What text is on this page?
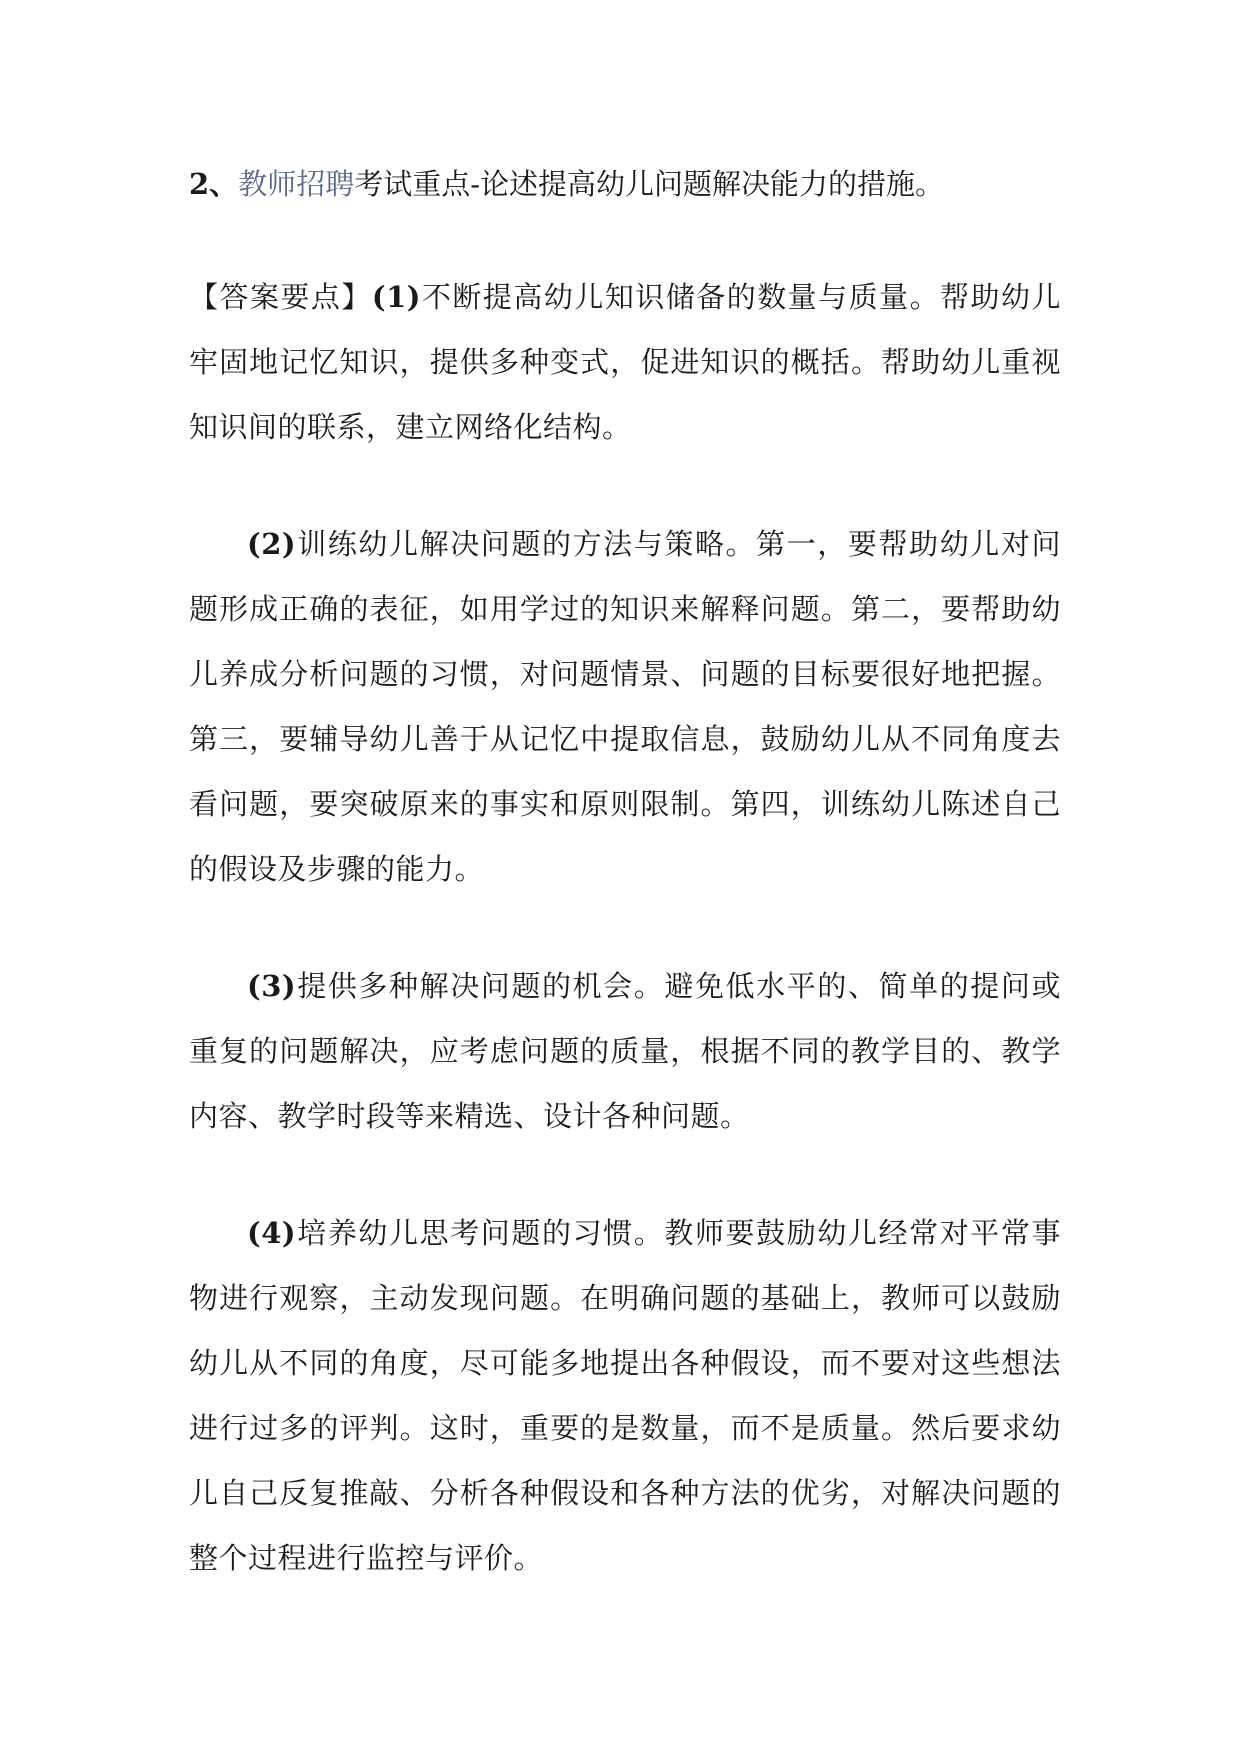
2、教师招聘考试重点-论述提高幼儿问题解决能力的措施。

【答案要点】(1)不断提高幼儿知识储备的数量与质量。帮助幼儿牢固地记忆知识，提供多种变式，促进知识的概括。帮助幼儿重视知识间的联系，建立网络化结构。

(2)训练幼儿解决问题的方法与策略。第一，要帮助幼儿对问题形成正确的表征，如用学过的知识来解释问题。第二，要帮助幼儿养成分析问题的习惯，对问题情景、问题的目标要很好地把握。第三，要辅导幼儿善于从记忆中提取信息，鼓励幼儿从不同角度去看问题，要突破原来的事实和原则限制。第四，训练幼儿陈述自己的假设及步骤的能力。

(3)提供多种解决问题的机会。避免低水平的、简单的提问或重复的问题解决，应考虑问题的质量，根据不同的教学目的、教学内容、教学时段等来精选、设计各种问题。

(4)培养幼儿思考问题的习惯。教师要鼓励幼儿经常对平常事物进行观察，主动发现问题。在明确问题的基础上，教师可以鼓励幼儿从不同的角度，尽可能多地提出各种假设，而不要对这些想法进行过多的评判。这时，重要的是数量，而不是质量。然后要求幼儿自己反复推敲、分析各种假设和各种方法的优劣，对解决问题的整个过程进行监控与评价。
